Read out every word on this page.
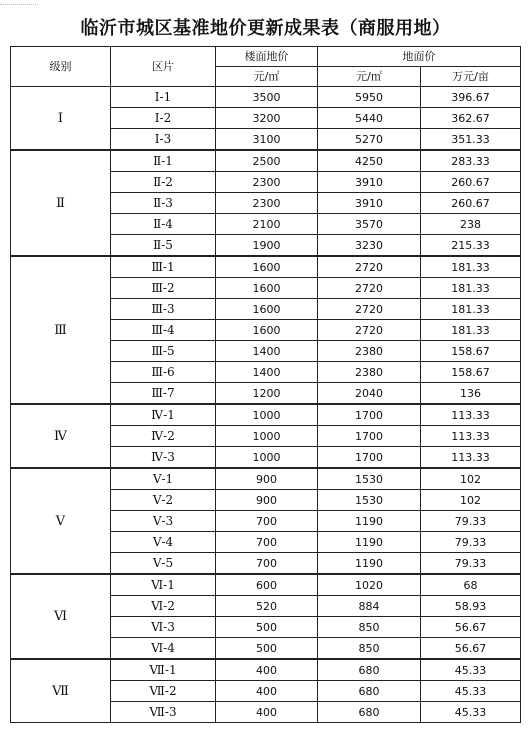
临沂市城区基准地价更新成果表（商服用地）
级别	区片	楼面地价	地面价	
		元/㎡	元/㎡	万元/亩
Ⅰ	Ⅰ-1	3500	5950	396.67
	Ⅰ-2	3200	5440	362.67
	Ⅰ-3	3100	5270	351.33
Ⅱ	Ⅱ-1	2500	4250	283.33
	Ⅱ-2	2300	3910	260.67
	Ⅱ-3	2300	3910	260.67
	Ⅱ-4	2100	3570	238
	Ⅱ-5	1900	3230	215.33
Ⅲ	Ⅲ-1	1600	2720	181.33
	Ⅲ-2	1600	2720	181.33
	Ⅲ-3	1600	2720	181.33
	Ⅲ-4	1600	2720	181.33
	Ⅲ-5	1400	2380	158.67
	Ⅲ-6	1400	2380	158.67
	Ⅲ-7	1200	2040	136
Ⅳ	Ⅳ-1	1000	1700	113.33
	Ⅳ-2	1000	1700	113.33
	Ⅳ-3	1000	1700	113.33
Ⅴ	Ⅴ-1	900	1530	102
	Ⅴ-2	900	1530	102
	Ⅴ-3	700	1190	79.33
	Ⅴ-4	700	1190	79.33
	Ⅴ-5	700	1190	79.33
Ⅵ	Ⅵ-1	600	1020	68
	Ⅵ-2	520	884	58.93
	Ⅵ-3	500	850	56.67
	Ⅵ-4	500	850	56.67
Ⅶ	Ⅶ-1	400	680	45.33
	Ⅶ-2	400	680	45.33
	Ⅶ-3	400	680	45.33
